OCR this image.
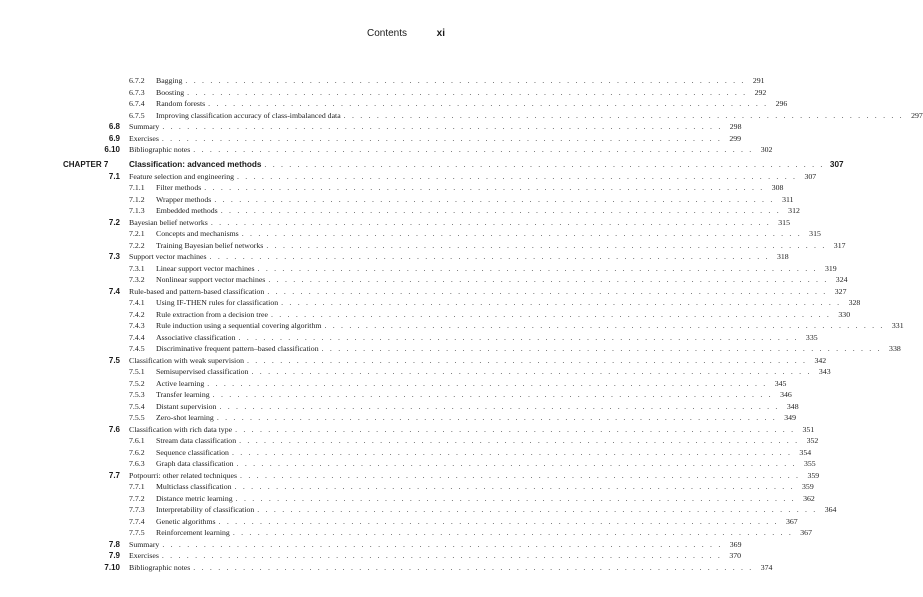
Contents	xi
6.7.2 Bagging . . . . . . . . . . . . . . . . . . . . . . . . . . . . . . . . . . . . . . . . . . . . . . . . . . . . . . . . . . . . . . . . . . . . 291
6.7.3 Boosting . . . . . . . . . . . . . . . . . . . . . . . . . . . . . . . . . . . . . . . . . . . . . . . . . . . . . . . . . . . . . . . . . . . . 292
6.7.4 Random forests . . . . . . . . . . . . . . . . . . . . . . . . . . . . . . . . . . . . . . . . . . . . . . . . . . . . . . . . . . . . . . . . . . . . 296
6.7.5 Improving classification accuracy of class-imbalanced data . . . . . . . . . . . . . . . . . . . . . . . . . . . . . . . . . . . . . . . . . . . . . . . . . . . . . . . . . . . . . . . . . . . . 297
6.8 Summary . . . . . . . . . . . . . . . . . . . . . . . . . . . . . . . . . . . . . . . . . . . . . . . . . . . . . . . . . . . . . . . . . . . . 298
6.9 Exercises . . . . . . . . . . . . . . . . . . . . . . . . . . . . . . . . . . . . . . . . . . . . . . . . . . . . . . . . . . . . . . . . . . . . 299
6.10 Bibliographic notes . . . . . . . . . . . . . . . . . . . . . . . . . . . . . . . . . . . . . . . . . . . . . . . . . . . . . . . . . . . . . . . . . . . . 302
CHAPTER 7	Classification: advanced methods . . . . . . . . . . . . . . . . . . . . . . . . . . . . . . . . . . . . . . . . . . . . . . . . . . . . . . . . . . . . . . . . . . . . 307
7.1 Feature selection and engineering . . . . . . . . . . . . . . . . . . . . . . . . . . . . . . . . . . . . . . . . . . . . . . . . . . . . . . . . . . . . . . . . . . . . 307
7.1.1 Filter methods . . . . . . . . . . . . . . . . . . . . . . . . . . . . . . . . . . . . . . . . . . . . . . . . . . . . . . . . . . . . . . . . . . . . 308
7.1.2 Wrapper methods . . . . . . . . . . . . . . . . . . . . . . . . . . . . . . . . . . . . . . . . . . . . . . . . . . . . . . . . . . . . . . . . . . . . 311
7.1.3 Embedded methods . . . . . . . . . . . . . . . . . . . . . . . . . . . . . . . . . . . . . . . . . . . . . . . . . . . . . . . . . . . . . . . . . . . . 312
7.2 Bayesian belief networks . . . . . . . . . . . . . . . . . . . . . . . . . . . . . . . . . . . . . . . . . . . . . . . . . . . . . . . . . . . . . . . . . . . . 315
7.2.1 Concepts and mechanisms . . . . . . . . . . . . . . . . . . . . . . . . . . . . . . . . . . . . . . . . . . . . . . . . . . . . . . . . . . . . . . . . . . . . 315
7.2.2 Training Bayesian belief networks . . . . . . . . . . . . . . . . . . . . . . . . . . . . . . . . . . . . . . . . . . . . . . . . . . . . . . . . . . . . . . . . . . . . 317
7.3 Support vector machines . . . . . . . . . . . . . . . . . . . . . . . . . . . . . . . . . . . . . . . . . . . . . . . . . . . . . . . . . . . . . . . . . . . . 318
7.3.1 Linear support vector machines . . . . . . . . . . . . . . . . . . . . . . . . . . . . . . . . . . . . . . . . . . . . . . . . . . . . . . . . . . . . . . . . . . . . 319
7.3.2 Nonlinear support vector machines . . . . . . . . . . . . . . . . . . . . . . . . . . . . . . . . . . . . . . . . . . . . . . . . . . . . . . . . . . . . . . . . . . . . 324
7.4 Rule-based and pattern-based classification . . . . . . . . . . . . . . . . . . . . . . . . . . . . . . . . . . . . . . . . . . . . . . . . . . . . . . . . . . . . . . . . . . . . 327
7.4.1 Using IF-THEN rules for classification . . . . . . . . . . . . . . . . . . . . . . . . . . . . . . . . . . . . . . . . . . . . . . . . . . . . . . . . . . . . . . . . . . . . 328
7.4.2 Rule extraction from a decision tree . . . . . . . . . . . . . . . . . . . . . . . . . . . . . . . . . . . . . . . . . . . . . . . . . . . . . . . . . . . . . . . . . . . . 330
7.4.3 Rule induction using a sequential covering algorithm . . . . . . . . . . . . . . . . . . . . . . . . . . . . . . . . . . . . . . . . . . . . . . . . . . . . . . . . . . . . . . . . . . . . 331
7.4.4 Associative classification . . . . . . . . . . . . . . . . . . . . . . . . . . . . . . . . . . . . . . . . . . . . . . . . . . . . . . . . . . . . . . . . . . . . 335
7.4.5 Discriminative frequent pattern–based classification . . . . . . . . . . . . . . . . . . . . . . . . . . . . . . . . . . . . . . . . . . . . . . . . . . . . . . . . . . . . . . . . . . . . 338
7.5 Classification with weak supervision . . . . . . . . . . . . . . . . . . . . . . . . . . . . . . . . . . . . . . . . . . . . . . . . . . . . . . . . . . . . . . . . . . . . 342
7.5.1 Semisupervised classification . . . . . . . . . . . . . . . . . . . . . . . . . . . . . . . . . . . . . . . . . . . . . . . . . . . . . . . . . . . . . . . . . . . . 343
7.5.2 Active learning . . . . . . . . . . . . . . . . . . . . . . . . . . . . . . . . . . . . . . . . . . . . . . . . . . . . . . . . . . . . . . . . . . . . 345
7.5.3 Transfer learning . . . . . . . . . . . . . . . . . . . . . . . . . . . . . . . . . . . . . . . . . . . . . . . . . . . . . . . . . . . . . . . . . . . . 346
7.5.4 Distant supervision . . . . . . . . . . . . . . . . . . . . . . . . . . . . . . . . . . . . . . . . . . . . . . . . . . . . . . . . . . . . . . . . . . . . 348
7.5.5 Zero-shot learning . . . . . . . . . . . . . . . . . . . . . . . . . . . . . . . . . . . . . . . . . . . . . . . . . . . . . . . . . . . . . . . . . . . . 349
7.6 Classification with rich data type . . . . . . . . . . . . . . . . . . . . . . . . . . . . . . . . . . . . . . . . . . . . . . . . . . . . . . . . . . . . . . . . . . . . 351
7.6.1 Stream data classification . . . . . . . . . . . . . . . . . . . . . . . . . . . . . . . . . . . . . . . . . . . . . . . . . . . . . . . . . . . . . . . . . . . . 352
7.6.2 Sequence classification . . . . . . . . . . . . . . . . . . . . . . . . . . . . . . . . . . . . . . . . . . . . . . . . . . . . . . . . . . . . . . . . . . . . 354
7.6.3 Graph data classification . . . . . . . . . . . . . . . . . . . . . . . . . . . . . . . . . . . . . . . . . . . . . . . . . . . . . . . . . . . . . . . . . . . . 355
7.7 Potpourri: other related techniques . . . . . . . . . . . . . . . . . . . . . . . . . . . . . . . . . . . . . . . . . . . . . . . . . . . . . . . . . . . . . . . . . . . . 359
7.7.1 Multiclass classification . . . . . . . . . . . . . . . . . . . . . . . . . . . . . . . . . . . . . . . . . . . . . . . . . . . . . . . . . . . . . . . . . . . . 359
7.7.2 Distance metric learning . . . . . . . . . . . . . . . . . . . . . . . . . . . . . . . . . . . . . . . . . . . . . . . . . . . . . . . . . . . . . . . . . . . . 362
7.7.3 Interpretability of classification . . . . . . . . . . . . . . . . . . . . . . . . . . . . . . . . . . . . . . . . . . . . . . . . . . . . . . . . . . . . . . . . . . . . 364
7.7.4 Genetic algorithms . . . . . . . . . . . . . . . . . . . . . . . . . . . . . . . . . . . . . . . . . . . . . . . . . . . . . . . . . . . . . . . . . . . . 367
7.7.5 Reinforcement learning . . . . . . . . . . . . . . . . . . . . . . . . . . . . . . . . . . . . . . . . . . . . . . . . . . . . . . . . . . . . . . . . . . . . 367
7.8 Summary . . . . . . . . . . . . . . . . . . . . . . . . . . . . . . . . . . . . . . . . . . . . . . . . . . . . . . . . . . . . . . . . . . . . 369
7.9 Exercises . . . . . . . . . . . . . . . . . . . . . . . . . . . . . . . . . . . . . . . . . . . . . . . . . . . . . . . . . . . . . . . . . . . . 370
7.10 Bibliographic notes . . . . . . . . . . . . . . . . . . . . . . . . . . . . . . . . . . . . . . . . . . . . . . . . . . . . . . . . . . . . . . . . . . . . 374
